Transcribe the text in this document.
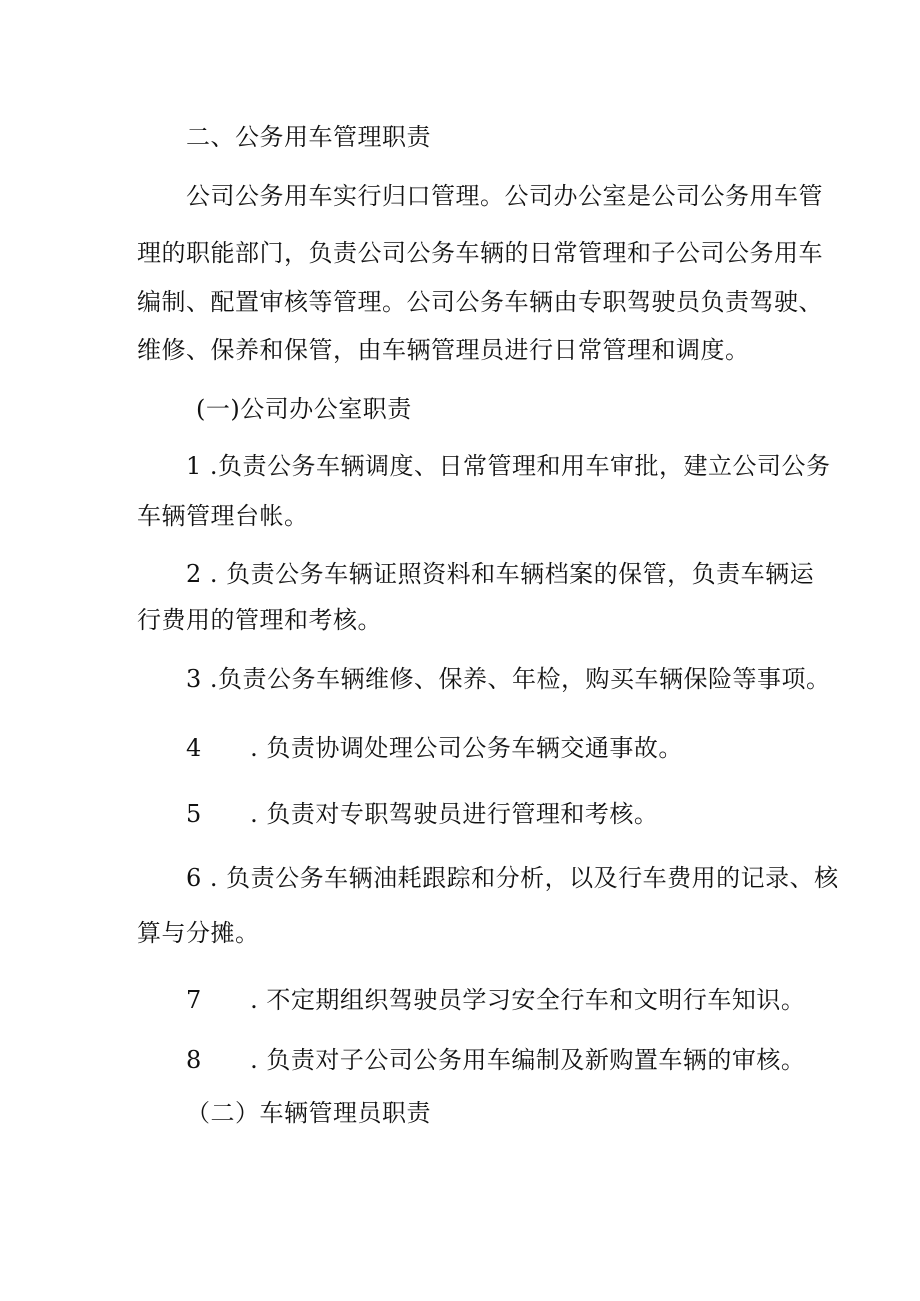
二、公务用车管理职责
公司公务用车实行归口管理。公司办公室是公司公务用车管
理的职能部门，负责公司公务车辆的日常管理和子公司公务用车
编制、配置审核等管理。公司公务车辆由专职驾驶员负责驾驶、
维修、保养和保管，由车辆管理员进行日常管理和调度。
(一)公司办公室职责
1 .负责公务车辆调度、日常管理和用车审批，建立公司公务
车辆管理台帐。
2 . 负责公务车辆证照资料和车辆档案的保管，负责车辆运
行费用的管理和考核。
3 .负责公务车辆维修、保养、年检，购买车辆保险等事项。
4 . 负责协调处理公司公务车辆交通事故。
5 . 负责对专职驾驶员进行管理和考核。
6 . 负责公务车辆油耗跟踪和分析，以及行车费用的记录、核
算与分摊。
7 . 不定期组织驾驶员学习安全行车和文明行车知识。
8 . 负责对子公司公务用车编制及新购置车辆的审核。
（二）车辆管理员职责
